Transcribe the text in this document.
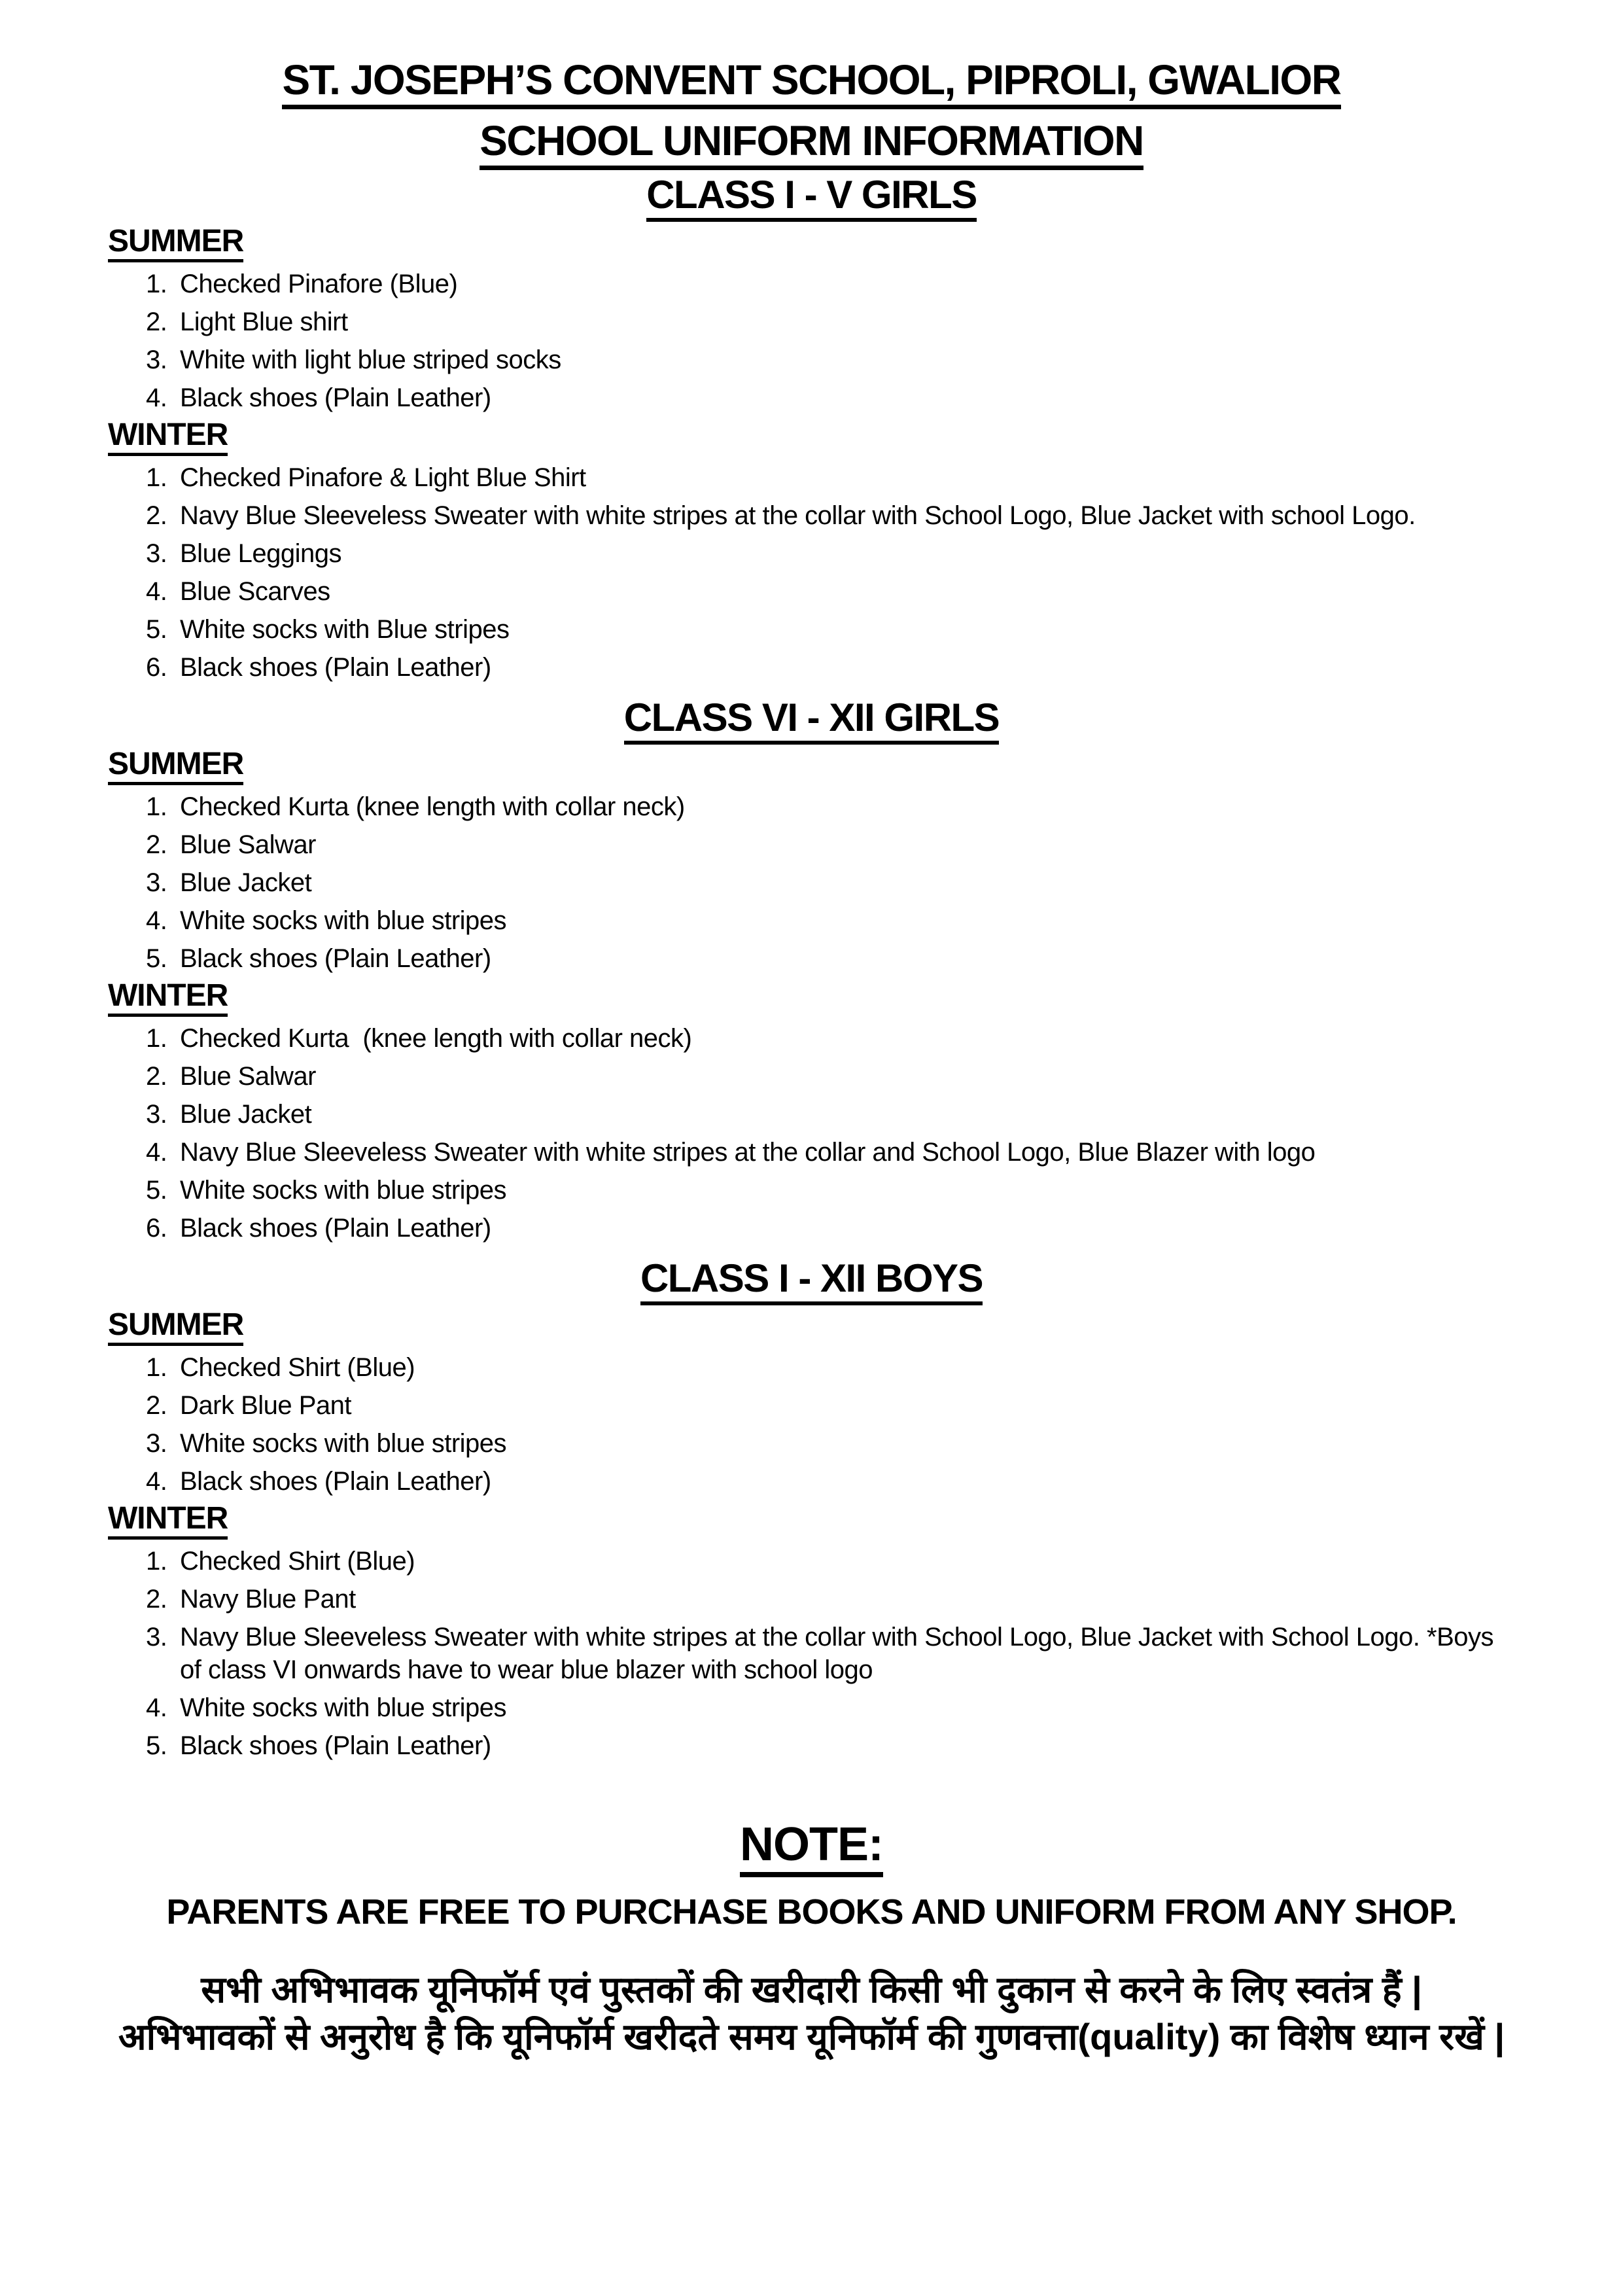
ST. JOSEPH’S CONVENT SCHOOL, PIPROLI, GWALIOR
SCHOOL UNIFORM INFORMATION
CLASS I - V GIRLS
SUMMER
1. Checked Pinafore (Blue)
2. Light Blue shirt
3. White with light blue striped socks
4. Black shoes (Plain Leather)
WINTER
1. Checked Pinafore & Light Blue Shirt
2. Navy Blue Sleeveless Sweater with white stripes at the collar with School Logo, Blue Jacket with school Logo.
3. Blue Leggings
4. Blue Scarves
5. White socks with Blue stripes
6. Black shoes (Plain Leather)
CLASS VI - XII GIRLS
SUMMER
1. Checked Kurta (knee length with collar neck)
2. Blue Salwar
3. Blue Jacket
4. White socks with blue stripes
5. Black shoes (Plain Leather)
WINTER
1. Checked Kurta  (knee length with collar neck)
2. Blue Salwar
3. Blue Jacket
4. Navy Blue Sleeveless Sweater with white stripes at the collar and School Logo, Blue Blazer with logo
5. White socks with blue stripes
6. Black shoes (Plain Leather)
CLASS I - XII BOYS
SUMMER
1. Checked Shirt (Blue)
2. Dark Blue Pant
3. White socks with blue stripes
4. Black shoes (Plain Leather)
WINTER
1. Checked Shirt (Blue)
2. Navy Blue Pant
3. Navy Blue Sleeveless Sweater with white stripes at the collar with School Logo, Blue Jacket with School Logo. *Boys of class VI onwards have to wear blue blazer with school logo
4. White socks with blue stripes
5. Black shoes (Plain Leather)
NOTE:

PARENTS ARE FREE TO PURCHASE BOOKS AND UNIFORM FROM ANY SHOP.

सभी अभिभावक यूनिफॉर्म एवं पुस्तकों की खरीदारी किसी भी दुकान से करने के लिए स्वतंत्र हैं |

अभिभावकों से अनुरोध है कि यूनिफॉर्म खरीदते समय यूनिफॉर्म की गुणवत्ता(quality) का विशेष ध्यान रखें |
